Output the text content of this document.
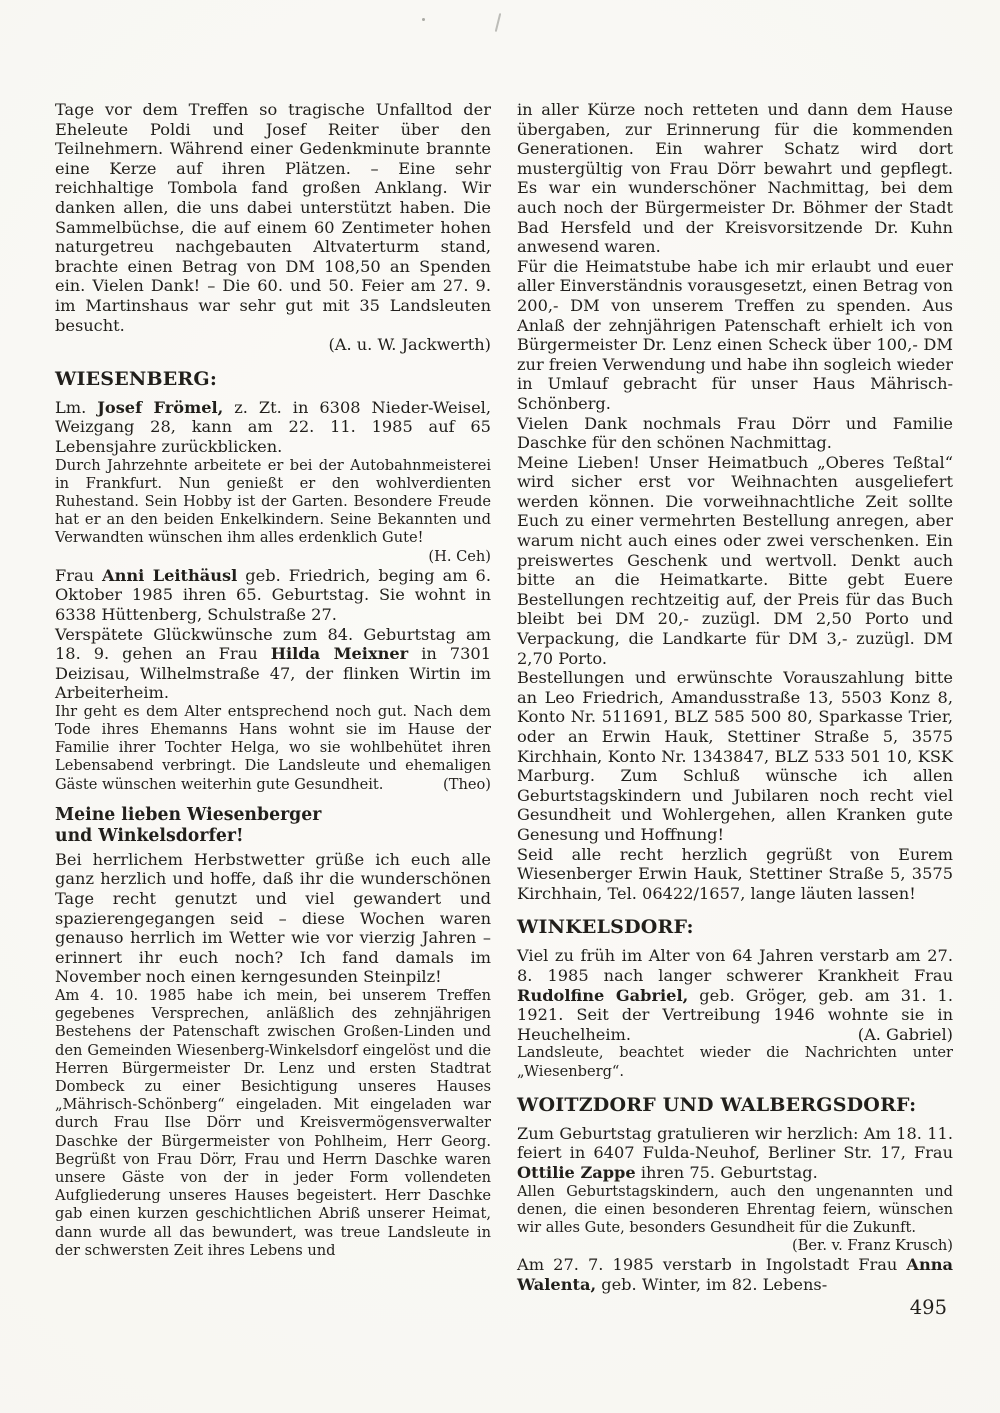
Tage vor dem Treffen so tragische Unfalltod der Eheleute Poldi und Josef Reiter über den Teilnehmern. Während einer Gedenkminute brannte eine Kerze auf ihren Plätzen. – Eine sehr reichhaltige Tombola fand großen Anklang. Wir danken allen, die uns dabei unterstützt haben. Die Sammelbüchse, die auf einem 60 Zentimeter hohen naturgetreu nachgebauten Altvaterturm stand, brachte einen Betrag von DM 108,50 an Spenden ein. Vielen Dank! – Die 60. und 50. Feier am 27. 9. im Martinshaus war sehr gut mit 35 Landsleuten besucht.

(A. u. W. Jackwerth)
WIESENBERG:

Lm. Josef Frömel, z. Zt. in 6308 Nieder-Weisel, Weizgang 28, kann am 22. 11. 1985 auf 65 Lebensjahre zurückblicken.

Durch Jahrzehnte arbeitete er bei der Autobahnmeisterei in Frankfurt. Nun genießt er den wohlverdienten Ruhestand. Sein Hobby ist der Garten. Besondere Freude hat er an den beiden Enkelkindern. Seine Bekannten und Verwandten wünschen ihm alles erdenklich Gute!
(H. Ceh)

Frau Anni Leithäusl geb. Friedrich, beging am 6. Oktober 1985 ihren 65. Geburtstag. Sie wohnt in 6338 Hüttenberg, Schulstraße 27.

Verspätete Glückwünsche zum 84. Geburtstag am 18. 9. gehen an Frau Hilda Meixner in 7301 Deizisau, Wilhelmstraße 47, der flinken Wirtin im Arbeiterheim.

Ihr geht es dem Alter entsprechend noch gut. Nach dem Tode ihres Ehemanns Hans wohnt sie im Hause der Familie ihrer Tochter Helga, wo sie wohlbehütet ihren Lebensabend verbringt. Die Landsleute und ehemaligen Gäste wünschen weiterhin gute Gesundheit.	(Theo)

Meine lieben Wiesenberger
und Winkelsdorfer!

Bei herrlichem Herbstwetter grüße ich euch alle ganz herzlich und hoffe, daß ihr die wunderschönen Tage recht genutzt und viel gewandert und spazierengegangen seid – diese Wochen waren genauso herrlich im Wetter wie vor vierzig Jahren – erinnert ihr euch noch? Ich fand damals im November noch einen kerngesunden Steinpilz!

Am 4. 10. 1985 habe ich mein, bei unserem Treffen gegebenes Versprechen, anläßlich des zehnjährigen Bestehens der Patenschaft zwischen Großen-Linden und den Gemeinden Wiesenberg-Winkelsdorf eingelöst und die Herren Bürgermeister Dr. Lenz und ersten Stadtrat Dombeck zu einer Besichtigung unseres Hauses „Mährisch-Schönberg“ eingeladen. Mit eingeladen war durch Frau Ilse Dörr und Kreisvermögensverwalter Daschke der Bürgermeister von Pohlheim, Herr Georg. Begrüßt von Frau Dörr, Frau und Herrn Daschke waren unsere Gäste von der in jeder Form vollendeten Aufgliederung unseres Hauses begeistert. Herr Daschke gab einen kurzen geschichtlichen Abriß unserer Heimat, dann wurde all das bewundert, was treue Landsleute in der schwersten Zeit ihres Lebens und

in aller Kürze noch retteten und dann dem Hause übergaben, zur Erinnerung für die kommenden Generationen. Ein wahrer Schatz wird dort mustergültig von Frau Dörr bewahrt und gepflegt. Es war ein wunderschöner Nachmittag, bei dem auch noch der Bürgermeister Dr. Böhmer der Stadt Bad Hersfeld und der Kreisvorsitzende Dr. Kuhn anwesend waren.

Für die Heimatstube habe ich mir erlaubt und euer aller Einverständnis vorausgesetzt, einen Betrag von 200,- DM von unserem Treffen zu spenden. Aus Anlaß der zehnjährigen Patenschaft erhielt ich von Bürgermeister Dr. Lenz einen Scheck über 100,- DM zur freien Verwendung und habe ihn sogleich wieder in Umlauf gebracht für unser Haus Mährisch-Schönberg.

Vielen Dank nochmals Frau Dörr und Familie Daschke für den schönen Nachmittag.

Meine Lieben! Unser Heimatbuch „Oberes Teßtal“ wird sicher erst vor Weihnachten ausgeliefert werden können. Die vorweihnachtliche Zeit sollte Euch zu einer vermehrten Bestellung anregen, aber warum nicht auch eines oder zwei verschenken. Ein preiswertes Geschenk und wertvoll. Denkt auch bitte an die Heimatkarte. Bitte gebt Euere Bestellungen rechtzeitig auf, der Preis für das Buch bleibt bei DM 20,- zuzügl. DM 2,50 Porto und Verpackung, die Landkarte für DM 3,- zuzügl. DM 2,70 Porto.

Bestellungen und erwünschte Vorauszahlung bitte an Leo Friedrich, Amandusstraße 13, 5503 Konz 8, Konto Nr. 511691, BLZ 585 500 80, Sparkasse Trier, oder an Erwin Hauk, Stettiner Straße 5, 3575 Kirchhain, Konto Nr. 1343847, BLZ 533 501 10, KSK Marburg. Zum Schluß wünsche ich allen Geburtstagskindern und Jubilaren noch recht viel Gesundheit und Wohlergehen, allen Kranken gute Genesung und Hoffnung!

Seid alle recht herzlich gegrüßt von Eurem Wiesenberger Erwin Hauk, Stettiner Straße 5, 3575 Kirchhain, Tel. 06422/1657, lange läuten lassen!

WINKELSDORF:

Viel zu früh im Alter von 64 Jahren verstarb am 27. 8. 1985 nach langer schwerer Krankheit Frau Rudolfine Gabriel, geb. Gröger, geb. am 31. 1. 1921. Seit der Vertreibung 1946 wohnte sie in Heuchelheim.	(A. Gabriel)

Landsleute, beachtet wieder die Nachrichten unter „Wiesenberg“.

WOITZDORF UND WALBERGSDORF:

Zum Geburtstag gratulieren wir herzlich: Am 18. 11. feiert in 6407 Fulda-Neuhof, Berliner Str. 17, Frau Ottilie Zappe ihren 75. Geburtstag.

Allen Geburtstagskindern, auch den ungenannten und denen, die einen besonderen Ehrentag feiern, wünschen wir alles Gute, besonders Gesundheit für die Zukunft.
(Ber. v. Franz Krusch)

Am 27. 7. 1985 verstarb in Ingolstadt Frau Anna Walenta, geb. Winter, im 82. Lebens-

495
